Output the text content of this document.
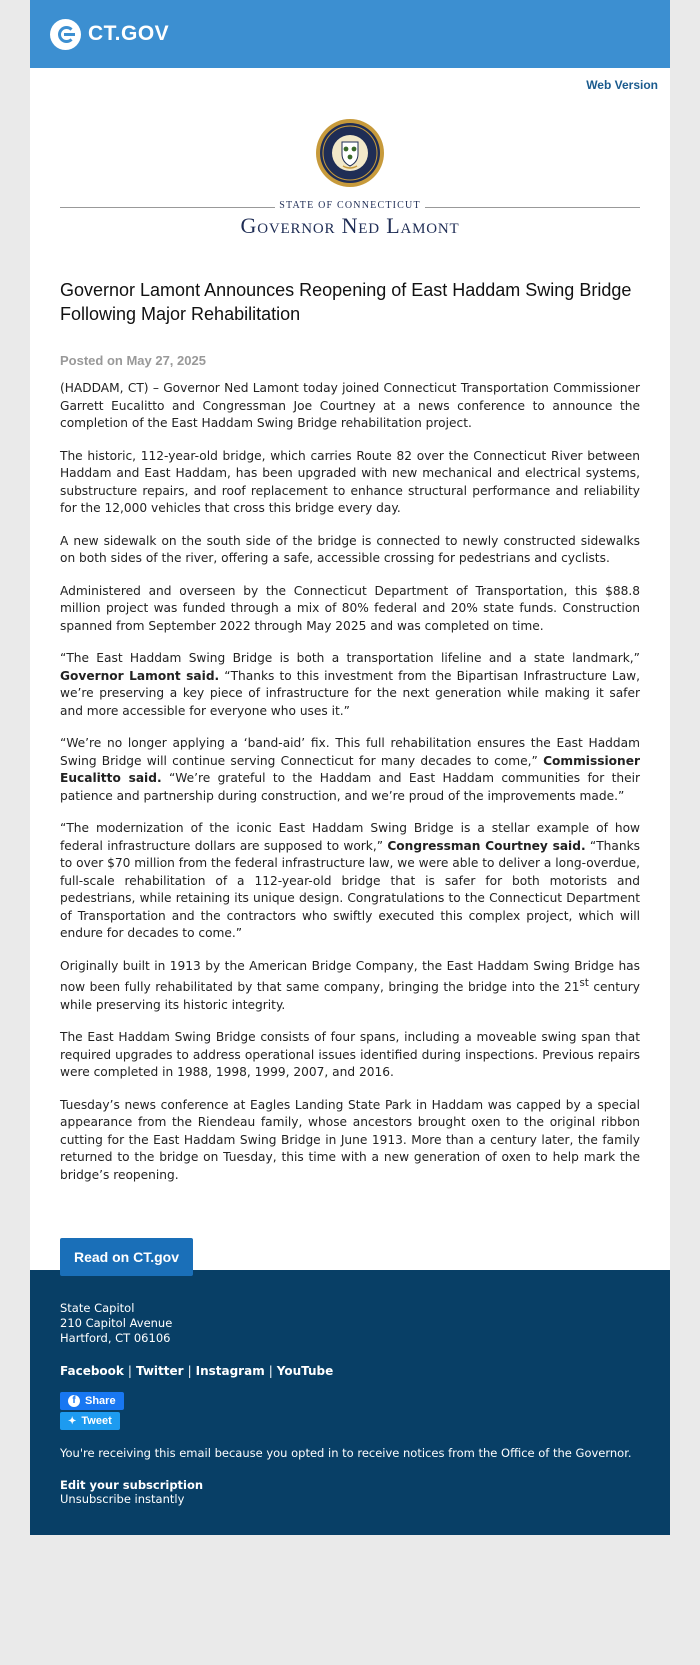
CT.GOV
Web Version
STATE OF CONNECTICUT
Governor Ned Lamont
Governor Lamont Announces Reopening of East Haddam Swing Bridge Following Major Rehabilitation
Posted on May 27, 2025

(HADDAM, CT) – Governor Ned Lamont today joined Connecticut Transportation Commissioner Garrett Eucalitto and Congressman Joe Courtney at a news conference to announce the completion of the East Haddam Swing Bridge rehabilitation project.

The historic, 112-year-old bridge, which carries Route 82 over the Connecticut River between Haddam and East Haddam, has been upgraded with new mechanical and electrical systems, substructure repairs, and roof replacement to enhance structural performance and reliability for the 12,000 vehicles that cross this bridge every day.

A new sidewalk on the south side of the bridge is connected to newly constructed sidewalks on both sides of the river, offering a safe, accessible crossing for pedestrians and cyclists.

Administered and overseen by the Connecticut Department of Transportation, this $88.8 million project was funded through a mix of 80% federal and 20% state funds. Construction spanned from September 2022 through May 2025 and was completed on time.

“The East Haddam Swing Bridge is both a transportation lifeline and a state landmark,” Governor Lamont said. “Thanks to this investment from the Bipartisan Infrastructure Law, we’re preserving a key piece of infrastructure for the next generation while making it safer and more accessible for everyone who uses it.”

“We’re no longer applying a ‘band-aid’ fix. This full rehabilitation ensures the East Haddam Swing Bridge will continue serving Connecticut for many decades to come,” Commissioner Eucalitto said. “We’re grateful to the Haddam and East Haddam communities for their patience and partnership during construction, and we’re proud of the improvements made.”

“The modernization of the iconic East Haddam Swing Bridge is a stellar example of how federal infrastructure dollars are supposed to work,” Congressman Courtney said. “Thanks to over $70 million from the federal infrastructure law, we were able to deliver a long-overdue, full-scale rehabilitation of a 112-year-old bridge that is safer for both motorists and pedestrians, while retaining its unique design. Congratulations to the Connecticut Department of Transportation and the contractors who swiftly executed this complex project, which will endure for decades to come.”

Originally built in 1913 by the American Bridge Company, the East Haddam Swing Bridge has now been fully rehabilitated by that same company, bringing the bridge into the 21st century while preserving its historic integrity.

The East Haddam Swing Bridge consists of four spans, including a moveable swing span that required upgrades to address operational issues identified during inspections. Previous repairs were completed in 1988, 1998, 1999, 2007, and 2016.

Tuesday’s news conference at Eagles Landing State Park in Haddam was capped by a special appearance from the Riendeau family, whose ancestors brought oxen to the original ribbon cutting for the East Haddam Swing Bridge in June 1913. More than a century later, the family returned to the bridge on Tuesday, this time with a new generation of oxen to help mark the bridge’s reopening.

Read on CT.gov
State Capitol
210 Capitol Avenue
Hartford, CT 06106
Facebook | Twitter | Instagram | YouTube
f Share

✦ Tweet
You're receiving this email because you opted in to receive notices from the Office of the Governor.
Edit your subscription
Unsubscribe instantly
